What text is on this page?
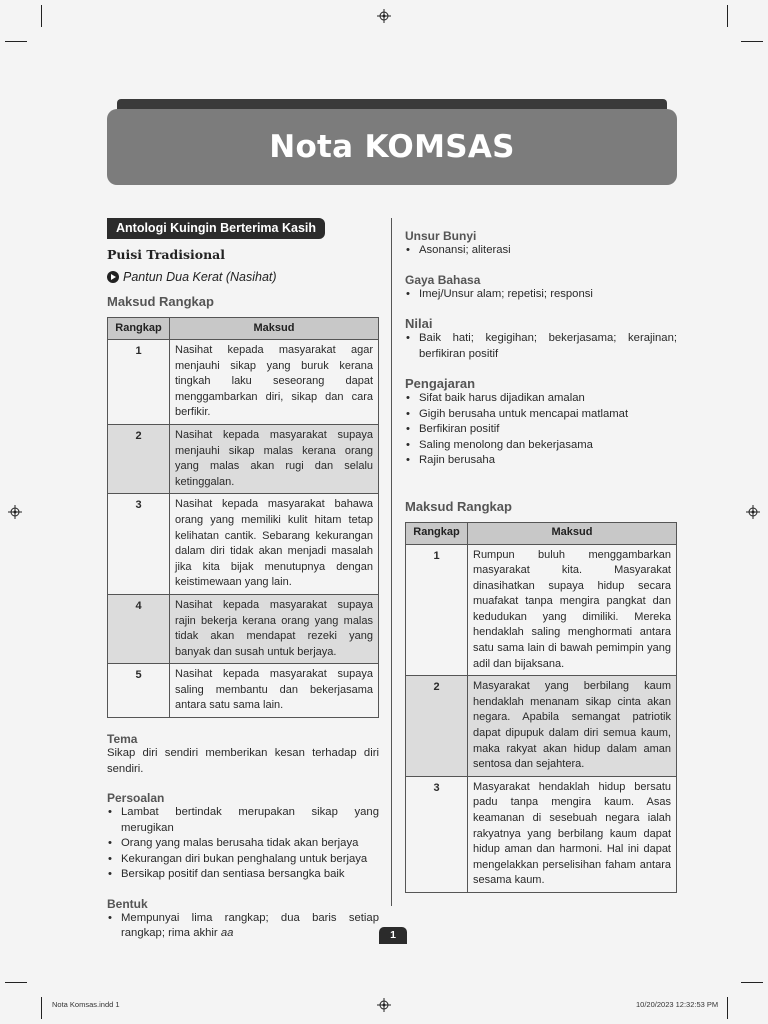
Nota KOMSAS
Antologi Kuingin Berterima Kasih
Puisi Tradisional
Pantun Dua Kerat (Nasihat)
Maksud Rangkap
Rangkap	Maksud
1	Nasihat kepada masyarakat agar menjauhi sikap yang buruk kerana tingkah laku seseorang dapat menggambarkan diri, sikap dan cara berfikir.
2	Nasihat kepada masyarakat supaya menjauhi sikap malas kerana orang yang malas akan rugi dan selalu ketinggalan.
3	Nasihat kepada masyarakat bahawa orang yang memiliki kulit hitam tetap kelihatan cantik. Sebarang kekurangan dalam diri tidak akan menjadi masalah jika kita bijak menutupnya dengan keistimewaan yang lain.
4	Nasihat kepada masyarakat supaya rajin bekerja kerana orang yang malas tidak akan mendapat rezeki yang banyak dan susah untuk berjaya.
5	Nasihat kepada masyarakat supaya saling membantu dan bekerjasama antara satu sama lain.
Tema
Sikap diri sendiri memberikan kesan terhadap diri sendiri.
Persoalan
• Lambat bertindak merupakan sikap yang merugikan
• Orang yang malas berusaha tidak akan berjaya
• Kekurangan diri bukan penghalang untuk berjaya
• Bersikap positif dan sentiasa bersangka baik
Bentuk
• Mempunyai lima rangkap; dua baris setiap rangkap; rima akhir aa
Unsur Bunyi
• Asonansi; aliterasi
Gaya Bahasa
• Imej/Unsur alam; repetisi; responsi
Nilai
• Baik hati; kegigihan; bekerjasama; kerajinan; berfikiran positif
Pengajaran
• Sifat baik harus dijadikan amalan
• Gigih berusaha untuk mencapai matlamat
• Berfikiran positif
• Saling menolong dan bekerjasama
• Rajin berusaha
Maksud Rangkap
Rangkap	Maksud
1	Rumpun buluh menggambarkan masyarakat kita. Masyarakat dinasihatkan supaya hidup secara muafakat tanpa mengira pangkat dan kedudukan yang dimiliki. Mereka hendaklah saling menghormati antara satu sama lain di bawah pemimpin yang adil dan bijaksana.
2	Masyarakat yang berbilang kaum hendaklah menanam sikap cinta akan negara. Apabila semangat patriotik dapat dipupuk dalam diri semua kaum, maka rakyat akan hidup dalam aman sentosa dan sejahtera.
3	Masyarakat hendaklah hidup bersatu padu tanpa mengira kaum. Asas keamanan di sesebuah negara ialah rakyatnya yang berbilang kaum dapat hidup aman dan harmoni. Hal ini dapat mengelakkan perselisihan faham antara sesama kaum.
1
Nota Komsas.indd 1	10/20/2023 12:32:53 PM
